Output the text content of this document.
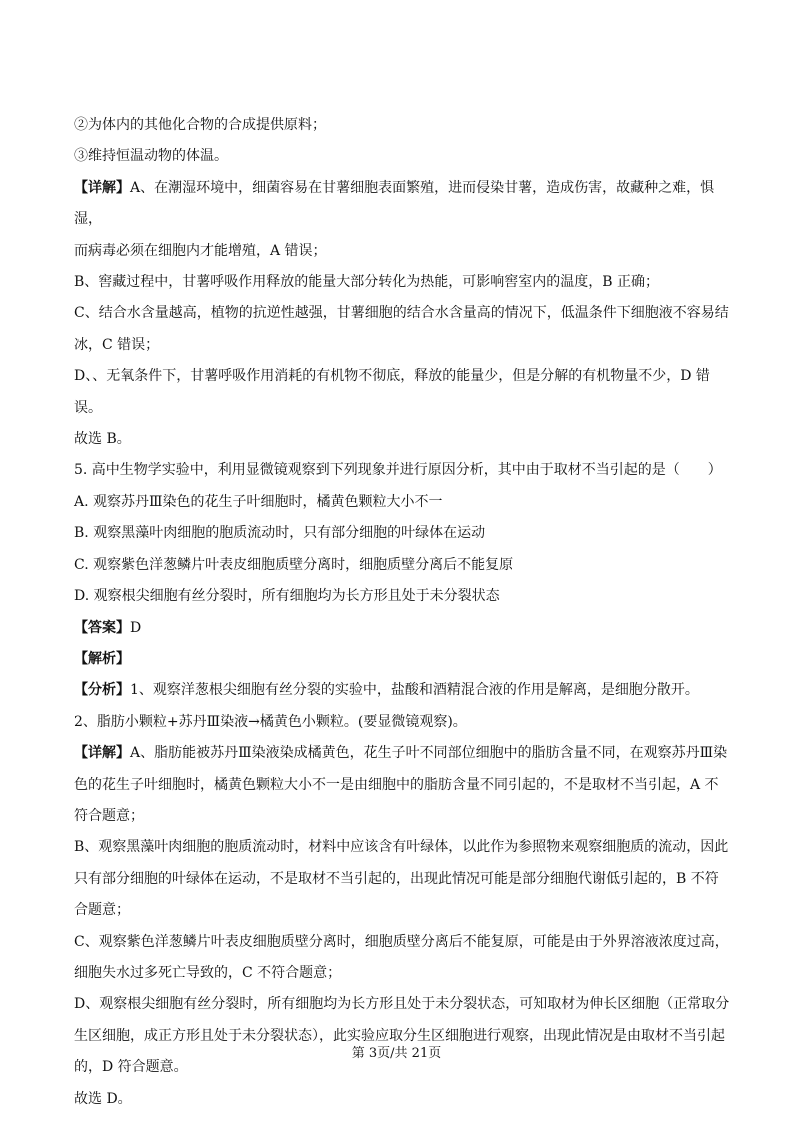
②为体内的其他化合物的合成提供原料；
③维持恒温动物的体温。
【详解】A、在潮湿环境中，细菌容易在甘薯细胞表面繁殖，进而侵染甘薯，造成伤害，故藏种之难，惧湿，
而病毒必须在细胞内才能增殖，A 错误；
B、窖藏过程中，甘薯呼吸作用释放的能量大部分转化为热能，可影响窖室内的温度，B 正确；
C、结合水含量越高，植物的抗逆性越强，甘薯细胞的结合水含量高的情况下，低温条件下细胞液不容易结
冰，C 错误；
D、、无氧条件下，甘薯呼吸作用消耗的有机物不彻底，释放的能量少，但是分解的有机物量不少，D 错误。
故选 B。
5. 高中生物学实验中，利用显微镜观察到下列现象并进行原因分析，其中由于取材不当引起的是（　　）
A. 观察苏丹Ⅲ染色的花生子叶细胞时，橘黄色颗粒大小不一
B. 观察黑藻叶肉细胞的胞质流动时，只有部分细胞的叶绿体在运动
C. 观察紫色洋葱鳞片叶表皮细胞质壁分离时，细胞质壁分离后不能复原
D. 观察根尖细胞有丝分裂时，所有细胞均为长方形且处于未分裂状态
【答案】D
【解析】
【分析】1、观察洋葱根尖细胞有丝分裂的实验中，盐酸和酒精混合液的作用是解离，是细胞分散开。
2、脂肪小颗粒+苏丹Ⅲ染液→橘黄色小颗粒。(要显微镜观察)。
【详解】A、脂肪能被苏丹Ⅲ染液染成橘黄色，花生子叶不同部位细胞中的脂肪含量不同，在观察苏丹Ⅲ染
色的花生子叶细胞时，橘黄色颗粒大小不一是由细胞中的脂肪含量不同引起的，不是取材不当引起，A 不
符合题意；
B、观察黑藻叶肉细胞的胞质流动时，材料中应该含有叶绿体，以此作为参照物来观察细胞质的流动，因此
只有部分细胞的叶绿体在运动，不是取材不当引起的，出现此情况可能是部分细胞代谢低引起的，B 不符
合题意；
C、观察紫色洋葱鳞片叶表皮细胞质壁分离时，细胞质壁分离后不能复原，可能是由于外界溶液浓度过高，
细胞失水过多死亡导致的，C 不符合题意；
D、观察根尖细胞有丝分裂时，所有细胞均为长方形且处于未分裂状态，可知取材为伸长区细胞（正常取分
生区细胞，成正方形且处于未分裂状态），此实验应取分生区细胞进行观察，出现此情况是由取材不当引起
的，D 符合题意。
故选 D。
第 3页/共 21页
